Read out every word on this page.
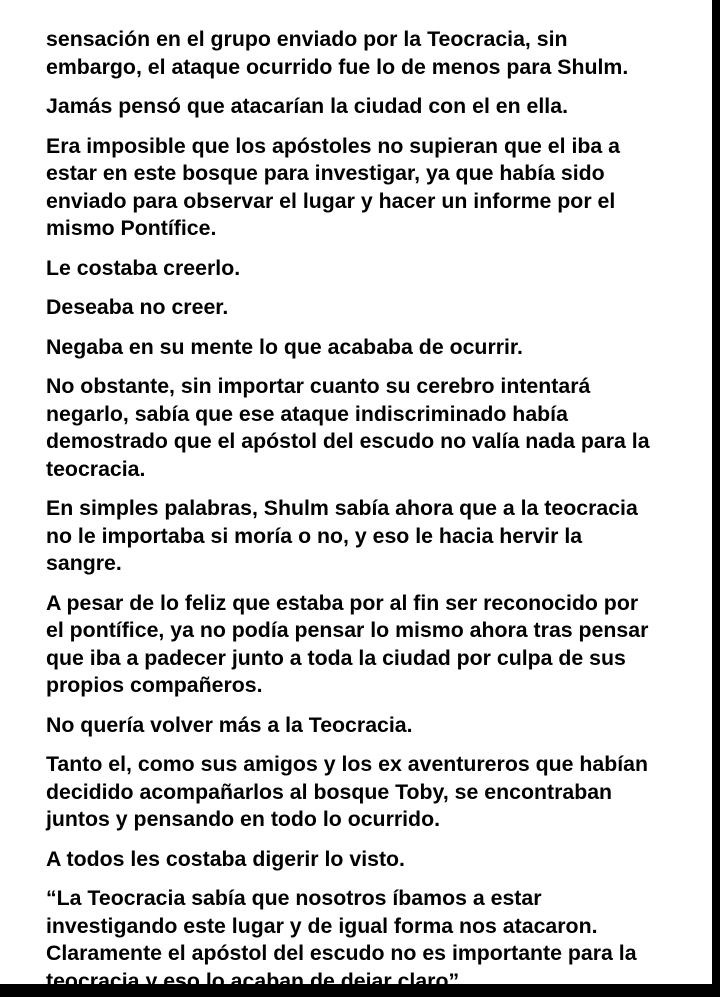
sensación en el grupo enviado por la Teocracia, sin
embargo, el ataque ocurrido fue lo de menos para Shulm.

Jamás pensó que atacarían la ciudad con el en ella.

Era imposible que los apóstoles no supieran que el iba a
estar en este bosque para investigar, ya que había sido
enviado para observar el lugar y hacer un informe por el
mismo Pontífice.

Le costaba creerlo.

Deseaba no creer.

Negaba en su mente lo que acababa de ocurrir.

No obstante, sin importar cuanto su cerebro intentará
negarlo, sabía que ese ataque indiscriminado había
demostrado que el apóstol del escudo no valía nada para la
teocracia.

En simples palabras, Shulm sabía ahora que a la teocracia
no le importaba si moría o no, y eso le hacia hervir la
sangre.

A pesar de lo feliz que estaba por al fin ser reconocido por
el pontífice, ya no podía pensar lo mismo ahora tras pensar
que iba a padecer junto a toda la ciudad por culpa de sus
propios compañeros.

No quería volver más a la Teocracia.

Tanto el, como sus amigos y los ex aventureros que habían
decidido acompañarlos al bosque Toby, se encontraban
juntos y pensando en todo lo ocurrido.

A todos les costaba digerir lo visto.

“La Teocracia sabía que nosotros íbamos a estar
investigando este lugar y de igual forma nos atacaron.
Claramente el apóstol del escudo no es importante para la
teocracia y eso lo acaban de dejar claro”
